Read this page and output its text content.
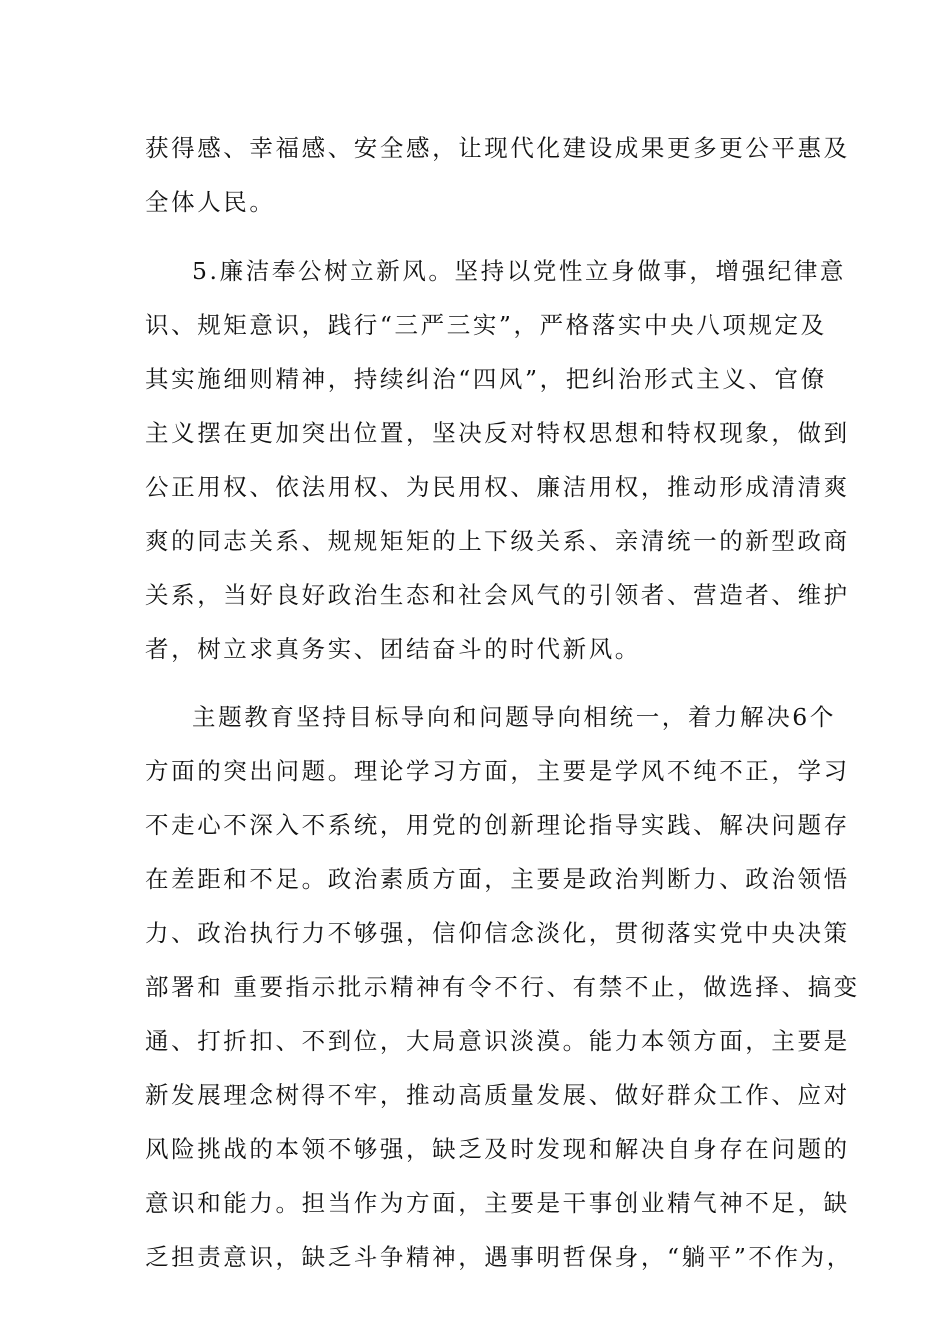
获得感、幸福感、安全感，让现代化建设成果更多更公平惠及
全体人民。
5.廉洁奉公树立新风。坚持以党性立身做事，增强纪律意
识、规矩意识，践行“三严三实”，严格落实中央八项规定及
其实施细则精神，持续纠治“四风”，把纠治形式主义、官僚
主义摆在更加突出位置，坚决反对特权思想和特权现象，做到
公正用权、依法用权、为民用权、廉洁用权，推动形成清清爽
爽的同志关系、规规矩矩的上下级关系、亲清统一的新型政商
关系，当好良好政治生态和社会风气的引领者、营造者、维护
者，树立求真务实、团结奋斗的时代新风。
主题教育坚持目标导向和问题导向相统一，着力解决6个
方面的突出问题。理论学习方面，主要是学风不纯不正，学习
不走心不深入不系统，用党的创新理论指导实践、解决问题存
在差距和不足。政治素质方面，主要是政治判断力、政治领悟
力、政治执行力不够强，信仰信念淡化，贯彻落实党中央决策
部署和 重要指示批示精神有令不行、有禁不止，做选择、搞变
通、打折扣、不到位，大局意识淡漠。能力本领方面，主要是
新发展理念树得不牢，推动高质量发展、做好群众工作、应对
风险挑战的本领不够强，缺乏及时发现和解决自身存在问题的
意识和能力。担当作为方面，主要是干事创业精气神不足，缺
乏担责意识，缺乏斗争精神，遇事明哲保身，“躺平”不作为，
